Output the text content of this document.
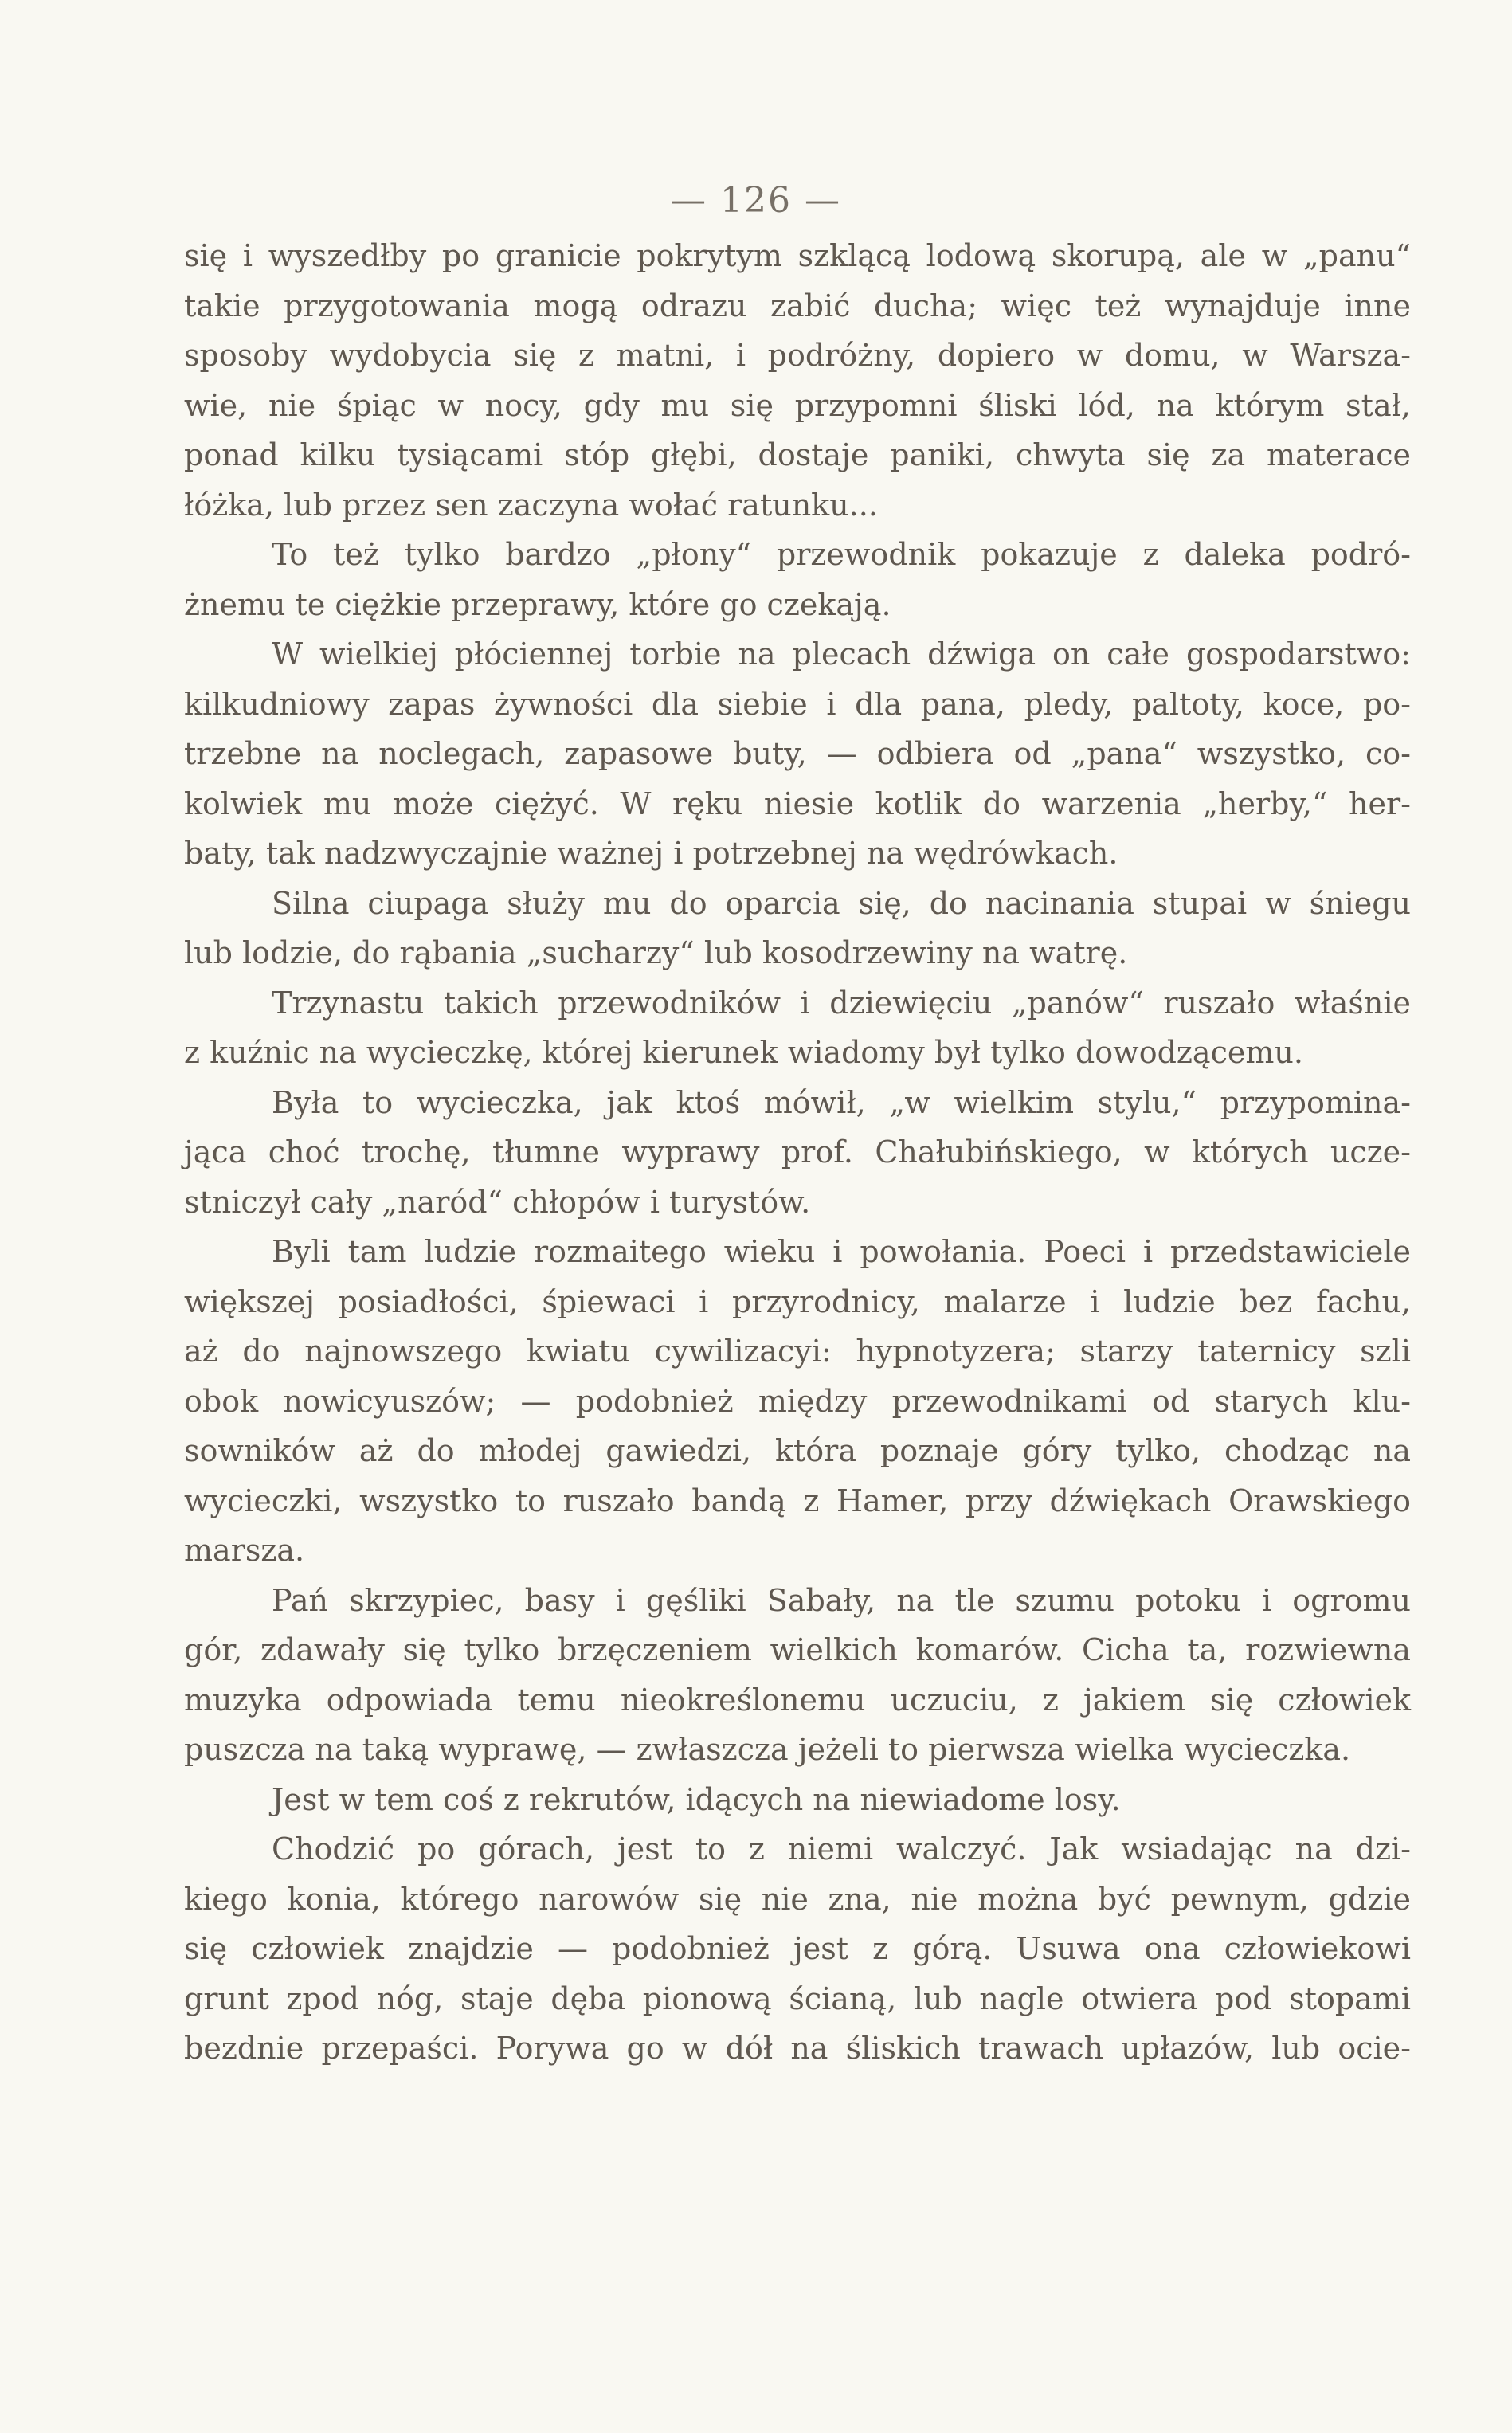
— 126 —
się i wyszedłby po granicie pokrytym szklącą lodową skorupą, ale w „panu“
takie przygotowania mogą odrazu zabić ducha; więc też wynajduje inne
sposoby wydobycia się z matni, i podróżny, dopiero w domu, w Warsza-
wie, nie śpiąc w nocy, gdy mu się przypomni śliski lód, na którym stał,
ponad kilku tysiącami stóp głębi, dostaje paniki, chwyta się za materace
łóżka, lub przez sen zaczyna wołać ratunku...
To też tylko bardzo „płony“ przewodnik pokazuje z daleka podró-
żnemu te ciężkie przeprawy, które go czekają.
W wielkiej płóciennej torbie na plecach dźwiga on całe gospodarstwo:
kilkudniowy zapas żywności dla siebie i dla pana, pledy, paltoty, koce, po-
trzebne na noclegach, zapasowe buty, — odbiera od „pana“ wszystko, co-
kolwiek mu może ciężyć. W ręku niesie kotlik do warzenia „herby,“ her-
baty, tak nadzwyczajnie ważnej i potrzebnej na wędrówkach.
Silna ciupaga służy mu do oparcia się, do nacinania stupai w śniegu
lub lodzie, do rąbania „sucharzy“ lub kosodrzewiny na watrę.
Trzynastu takich przewodników i dziewięciu „panów“ ruszało właśnie
z kuźnic na wycieczkę, której kierunek wiadomy był tylko dowodzącemu.
Była to wycieczka, jak ktoś mówił, „w wielkim stylu,“ przypomina-
jąca choć trochę, tłumne wyprawy prof. Chałubińskiego, w których ucze-
stniczył cały „naród“ chłopów i turystów.
Byli tam ludzie rozmaitego wieku i powołania. Poeci i przedstawiciele
większej posiadłości, śpiewaci i przyrodnicy, malarze i ludzie bez fachu,
aż do najnowszego kwiatu cywilizacyi: hypnotyzera; starzy taternicy szli
obok nowicyuszów; — podobnież między przewodnikami od starych klu-
sowników aż do młodej gawiedzi, która poznaje góry tylko, chodząc na
wycieczki, wszystko to ruszało bandą z Hamer, przy dźwiękach Orawskiego
marsza.
Pań skrzypiec, basy i gęśliki Sabały, na tle szumu potoku i ogromu
gór, zdawały się tylko brzęczeniem wielkich komarów. Cicha ta, rozwiewna
muzyka odpowiada temu nieokreślonemu uczuciu, z jakiem się człowiek
puszcza na taką wyprawę, — zwłaszcza jeżeli to pierwsza wielka wycieczka.
Jest w tem coś z rekrutów, idących na niewiadome losy.
Chodzić po górach, jest to z niemi walczyć. Jak wsiadając na dzi-
kiego konia, którego narowów się nie zna, nie można być pewnym, gdzie
się człowiek znajdzie — podobnież jest z górą. Usuwa ona człowiekowi
grunt zpod nóg, staje dęba pionową ścianą, lub nagle otwiera pod stopami
bezdnie przepaści. Porywa go w dół na śliskich trawach upłazów, lub ocie-
